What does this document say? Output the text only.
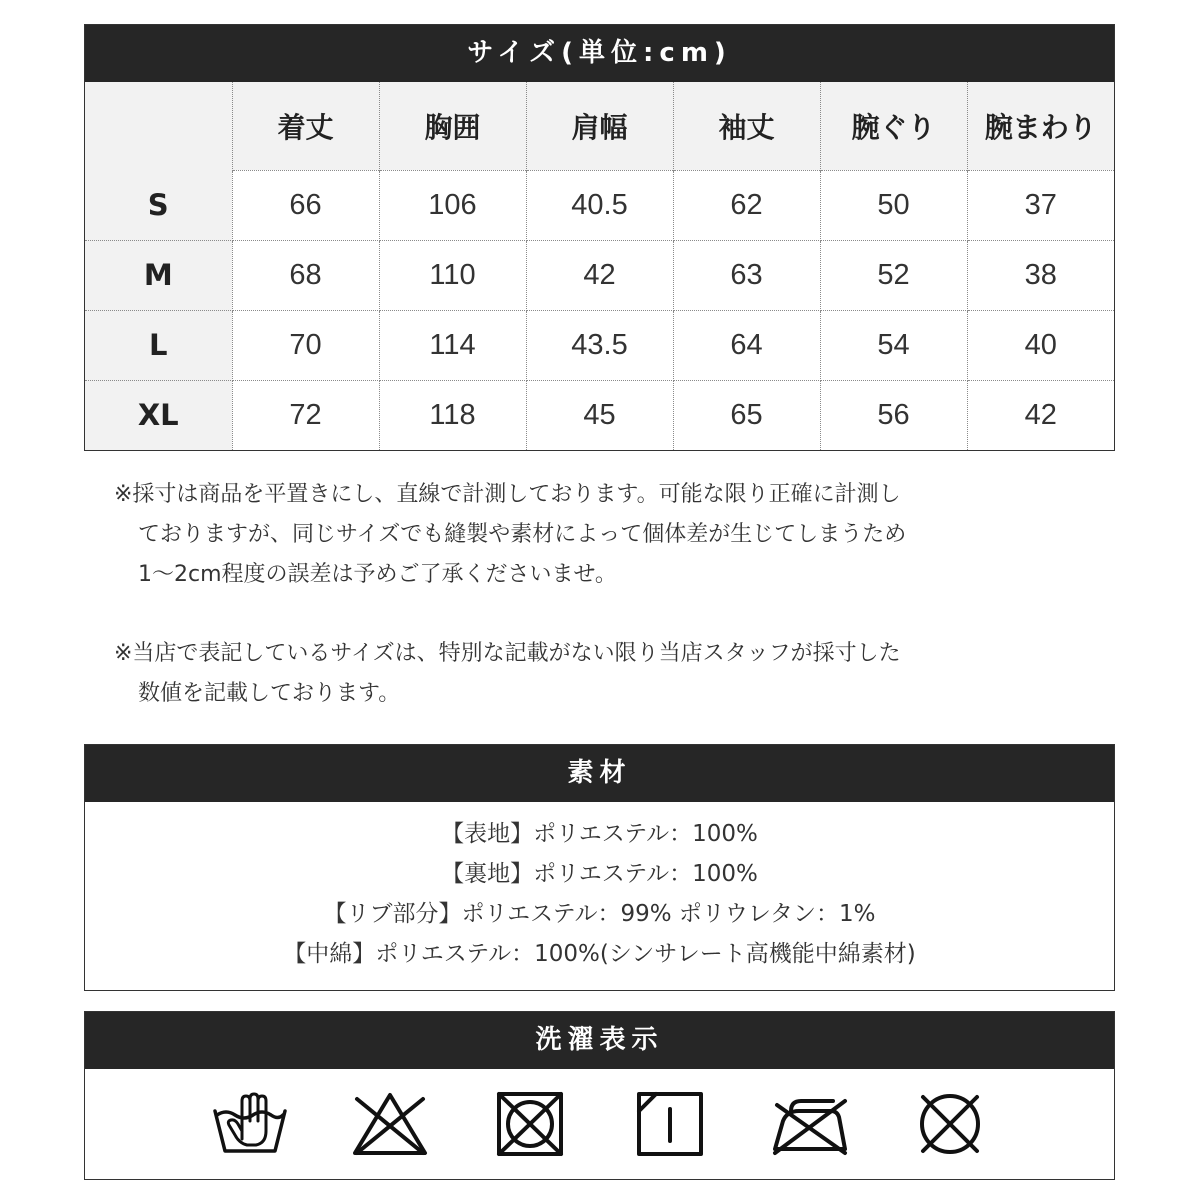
サイズ(単位:cm)
	着丈	胸囲	肩幅	袖丈	腕ぐり	腕まわり
S	66	106	40.5	62	50	37
M	68	110	42	63	52	38
L	70	114	43.5	64	54	40
XL	72	118	45	65	56	42
※採寸は商品を平置きにし、直線で計測しております。可能な限り正確に計測し
ておりますが、同じサイズでも縫製や素材によって個体差が生じてしまうため
1〜2cm程度の誤差は予めご了承くださいませ。
※当店で表記しているサイズは、特別な記載がない限り当店スタッフが採寸した
数値を記載しております。
素材
【表地】ポリエステル：100%
【裏地】ポリエステル：100%
【リブ部分】ポリエステル：99% ポリウレタン：1%
【中綿】ポリエステル：100%(シンサレート高機能中綿素材)
洗濯表示
